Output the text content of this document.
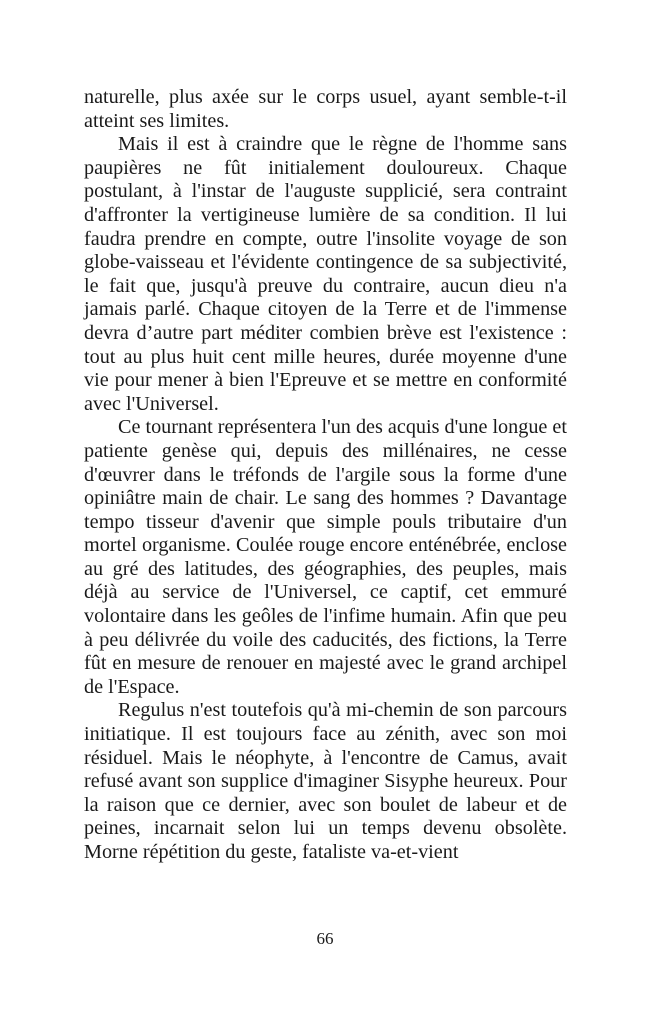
naturelle, plus axée sur le corps usuel, ayant semble-t-il atteint ses limites.

Mais il est à craindre que le règne de l'homme sans paupières ne fût initialement douloureux. Chaque postulant, à l'instar de l'auguste supplicié, sera contraint d'affronter la vertigineuse lumière de sa condition. Il lui faudra prendre en compte, outre l'insolite voyage de son globe-vaisseau et l'évidente contingence de sa subjectivité, le fait que, jusqu'à preuve du contraire, aucun dieu n'a jamais parlé. Chaque citoyen de la Terre et de l'immense devra d’autre part méditer combien brève est l'existence : tout au plus huit cent mille heures, durée moyenne d'une vie pour mener à bien l'Epreuve et se mettre en conformité avec l'Universel.

Ce tournant représentera l'un des acquis d'une longue et patiente genèse qui, depuis des millénaires, ne cesse d'œuvrer dans le tréfonds de l'argile sous la forme d'une opiniâtre main de chair. Le sang des hommes ? Davantage tempo tisseur d'avenir que simple pouls tributaire d'un mortel organisme. Coulée rouge encore enténébrée, enclose au gré des latitudes, des géographies, des peuples, mais déjà au service de l'Universel, ce captif, cet emmuré volontaire dans les geôles de l'infime humain. Afin que peu à peu délivrée du voile des caducités, des fictions, la Terre fût en mesure de renouer en majesté avec le grand archipel de l'Espace.

Regulus n'est toutefois qu'à mi-chemin de son parcours initiatique. Il est toujours face au zénith, avec son moi résiduel. Mais le néophyte, à l'encontre de Camus, avait refusé avant son supplice d'imaginer Sisyphe heureux. Pour la raison que ce dernier, avec son boulet de labeur et de peines, incarnait selon lui un temps devenu obsolète. Morne répétition du geste, fataliste va-et-vient

66
